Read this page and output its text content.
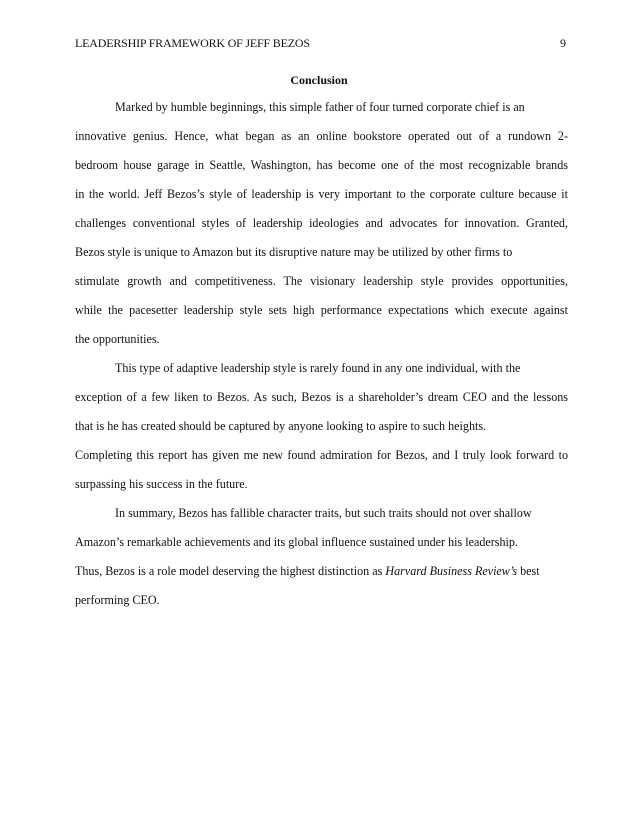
LEADERSHIP FRAMEWORK OF JEFF BEZOS	9
Conclusion

Marked by humble beginnings, this simple father of four turned corporate chief is an
innovative genius. Hence, what began as an online bookstore operated out of a rundown 2-
bedroom house garage in Seattle, Washington, has become one of the most recognizable brands
in the world. Jeff Bezos’s style of leadership is very important to the corporate culture because it
challenges conventional styles of leadership ideologies and advocates for innovation. Granted,
Bezos style is unique to Amazon but its disruptive nature may be utilized by other firms to
stimulate growth and competitiveness. The visionary leadership style provides opportunities,
while the pacesetter leadership style sets high performance expectations which execute against
the opportunities.

This type of adaptive leadership style is rarely found in any one individual, with the
exception of a few liken to Bezos. As such, Bezos is a shareholder’s dream CEO and the lessons
that is he has created should be captured by anyone looking to aspire to such heights.
Completing this report has given me new found admiration for Bezos, and I truly look forward to
surpassing his success in the future.

In summary, Bezos has fallible character traits, but such traits should not over shallow
Amazon’s remarkable achievements and its global influence sustained under his leadership.
Thus, Bezos is a role model deserving the highest distinction as Harvard Business Review’s best
performing CEO.
